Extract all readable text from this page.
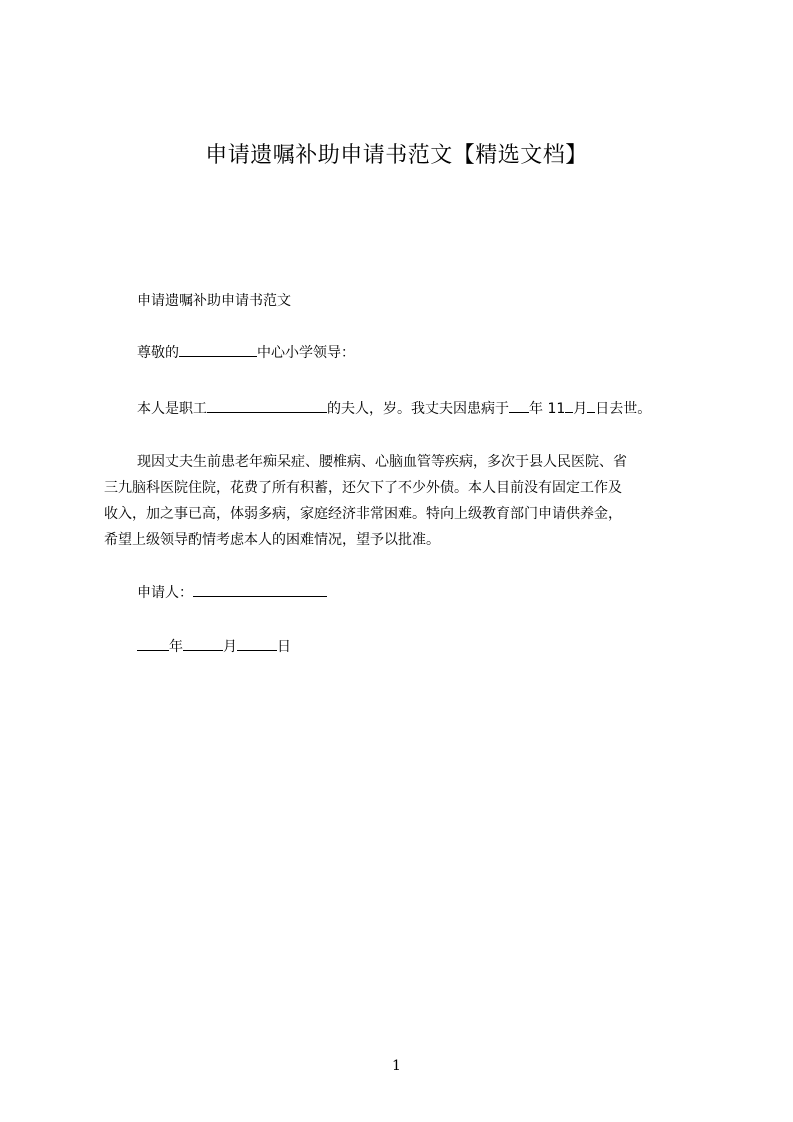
申请遗嘱补助申请书范文【精选文档】
申请遗嘱补助申请书范文
尊敬的	中心小学领导：
本人是职工	的夫人，岁。我丈夫因患病于 年 11 月 日去世。
现因丈夫生前患老年痴呆症、腰椎病、心脑血管等疾病，多次于县人民医院、省
三九脑科医院住院，花费了所有积蓄，还欠下了不少外债。本人目前没有固定工作及
收入，加之事已高，体弱多病，家庭经济非常困难。特向上级教育部门申请供养金，
希望上级领导酌情考虑本人的困难情况，望予以批准。
申请人：
年	月	日
1
